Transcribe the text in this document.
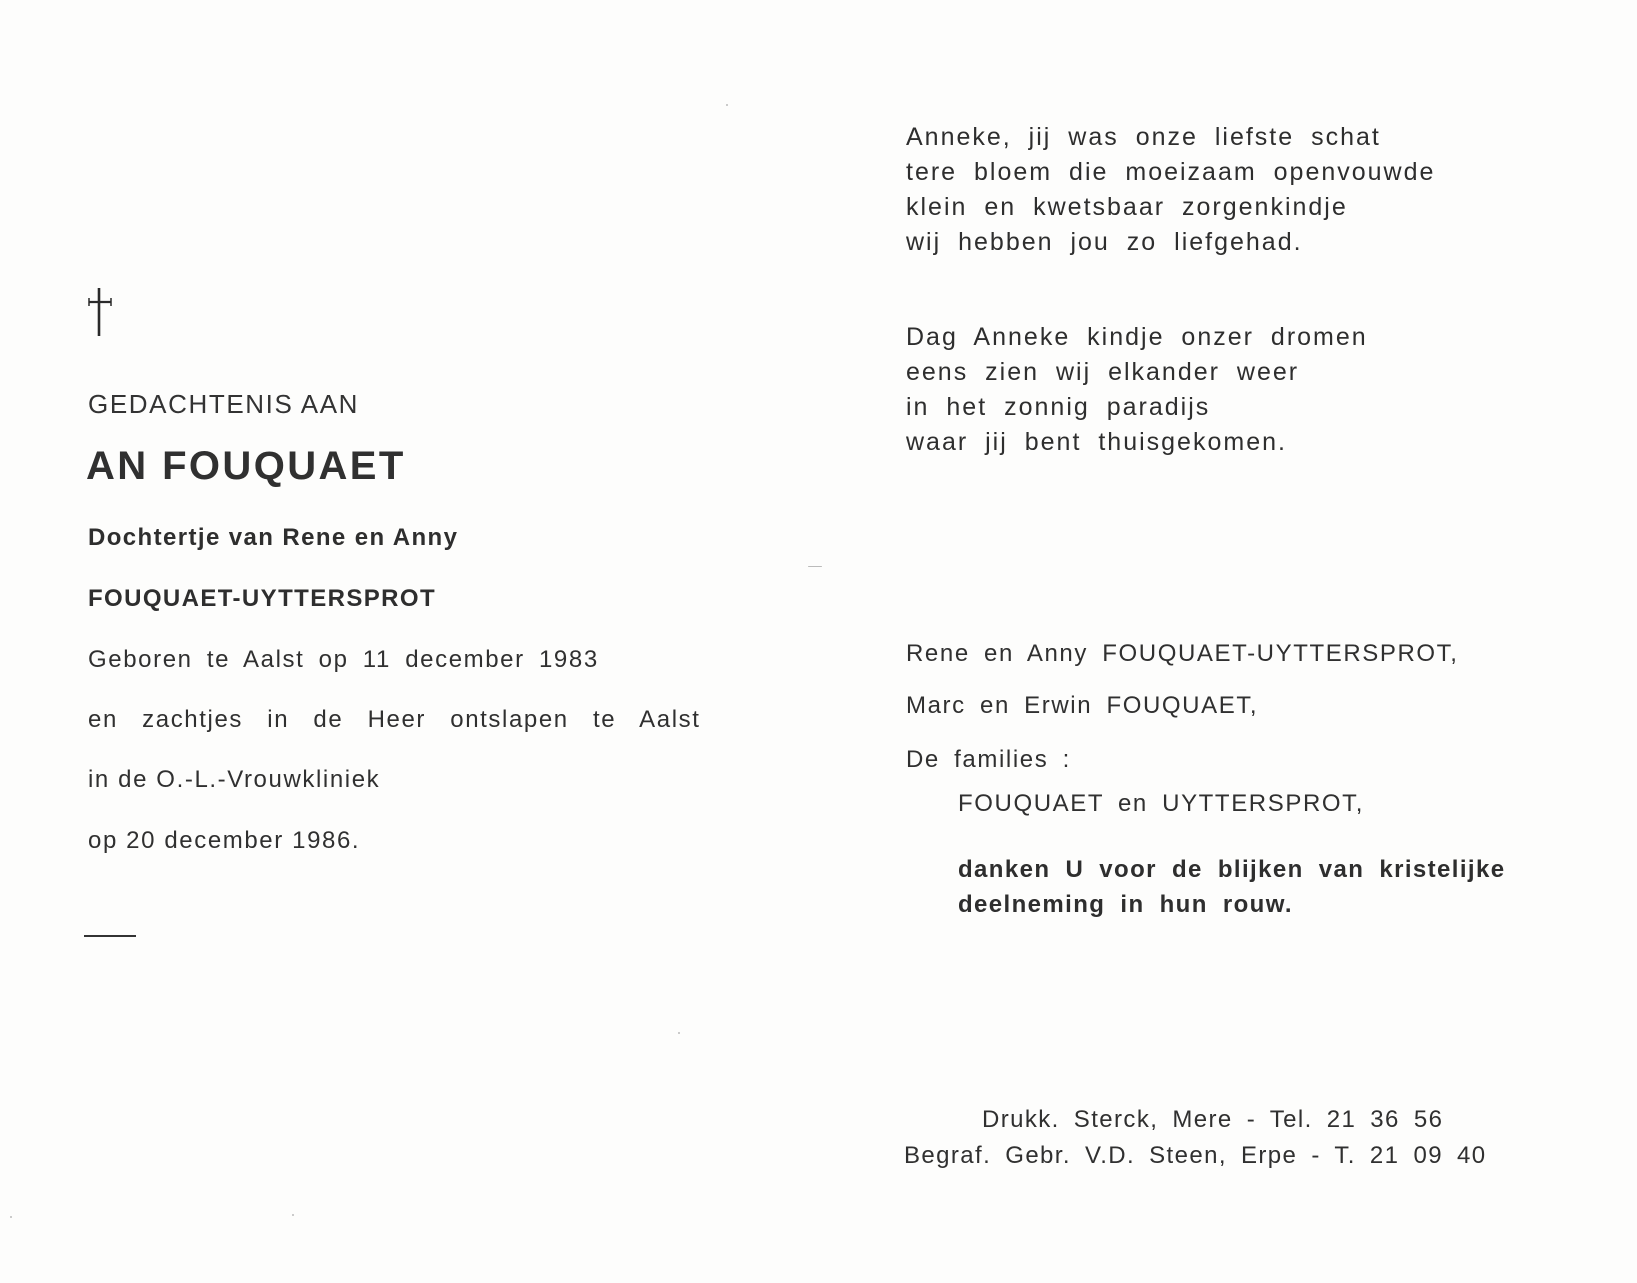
GEDACHTENIS AAN
AN FOUQUAET
Dochtertje van Rene en Anny
FOUQUAET-UYTTERSPROT
Geboren te Aalst op 11 december 1983
en zachtjes in de Heer ontslapen te Aalst
in de O.-L.-Vrouwkliniek
op 20 december 1986.
Anneke, jij was onze liefste schat
tere bloem die moeizaam openvouwde
klein en kwetsbaar zorgenkindje
wij hebben jou zo liefgehad.
Dag Anneke kindje onzer dromen
eens zien wij elkander weer
in het zonnig paradijs
waar jij bent thuisgekomen.
Rene en Anny FOUQUAET-UYTTERSPROT,
Marc en Erwin FOUQUAET,
De families :
FOUQUAET en UYTTERSPROT,
danken U voor de blijken van kristelijke
deelneming in hun rouw.
Drukk. Sterck, Mere - Tel. 21 36 56
Begraf. Gebr. V.D. Steen, Erpe - T. 21 09 40
